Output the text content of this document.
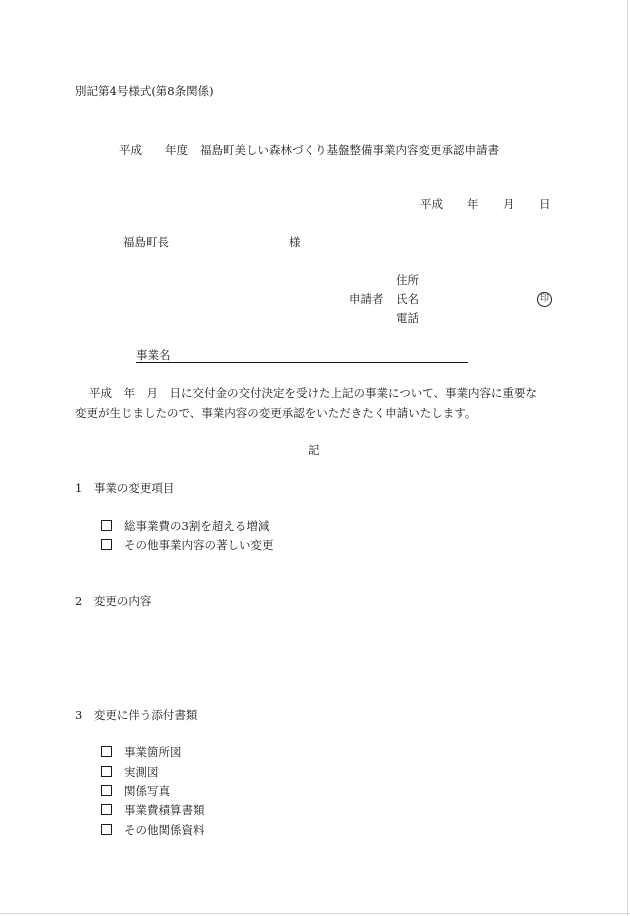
別記第4号様式(第8条関係)
平成 年度 福島町美しい森林づくり基盤整備事業内容変更承認申請書
平成 年 月 日
福島町長	様
住所
申請者 氏名	印
電話
事業名
平成　年　月　日に交付金の交付決定を受けた上記の事業について、事業内容に重要な
変更が生じましたので、事業内容の変更承認をいただきたく申請いたします。
記
1　事業の変更項目
総事業費の3割を超える増減
その他事業内容の著しい変更
2　変更の内容
3　変更に伴う添付書類
事業箇所図
実測図
関係写真
事業費積算書類
その他関係資料
